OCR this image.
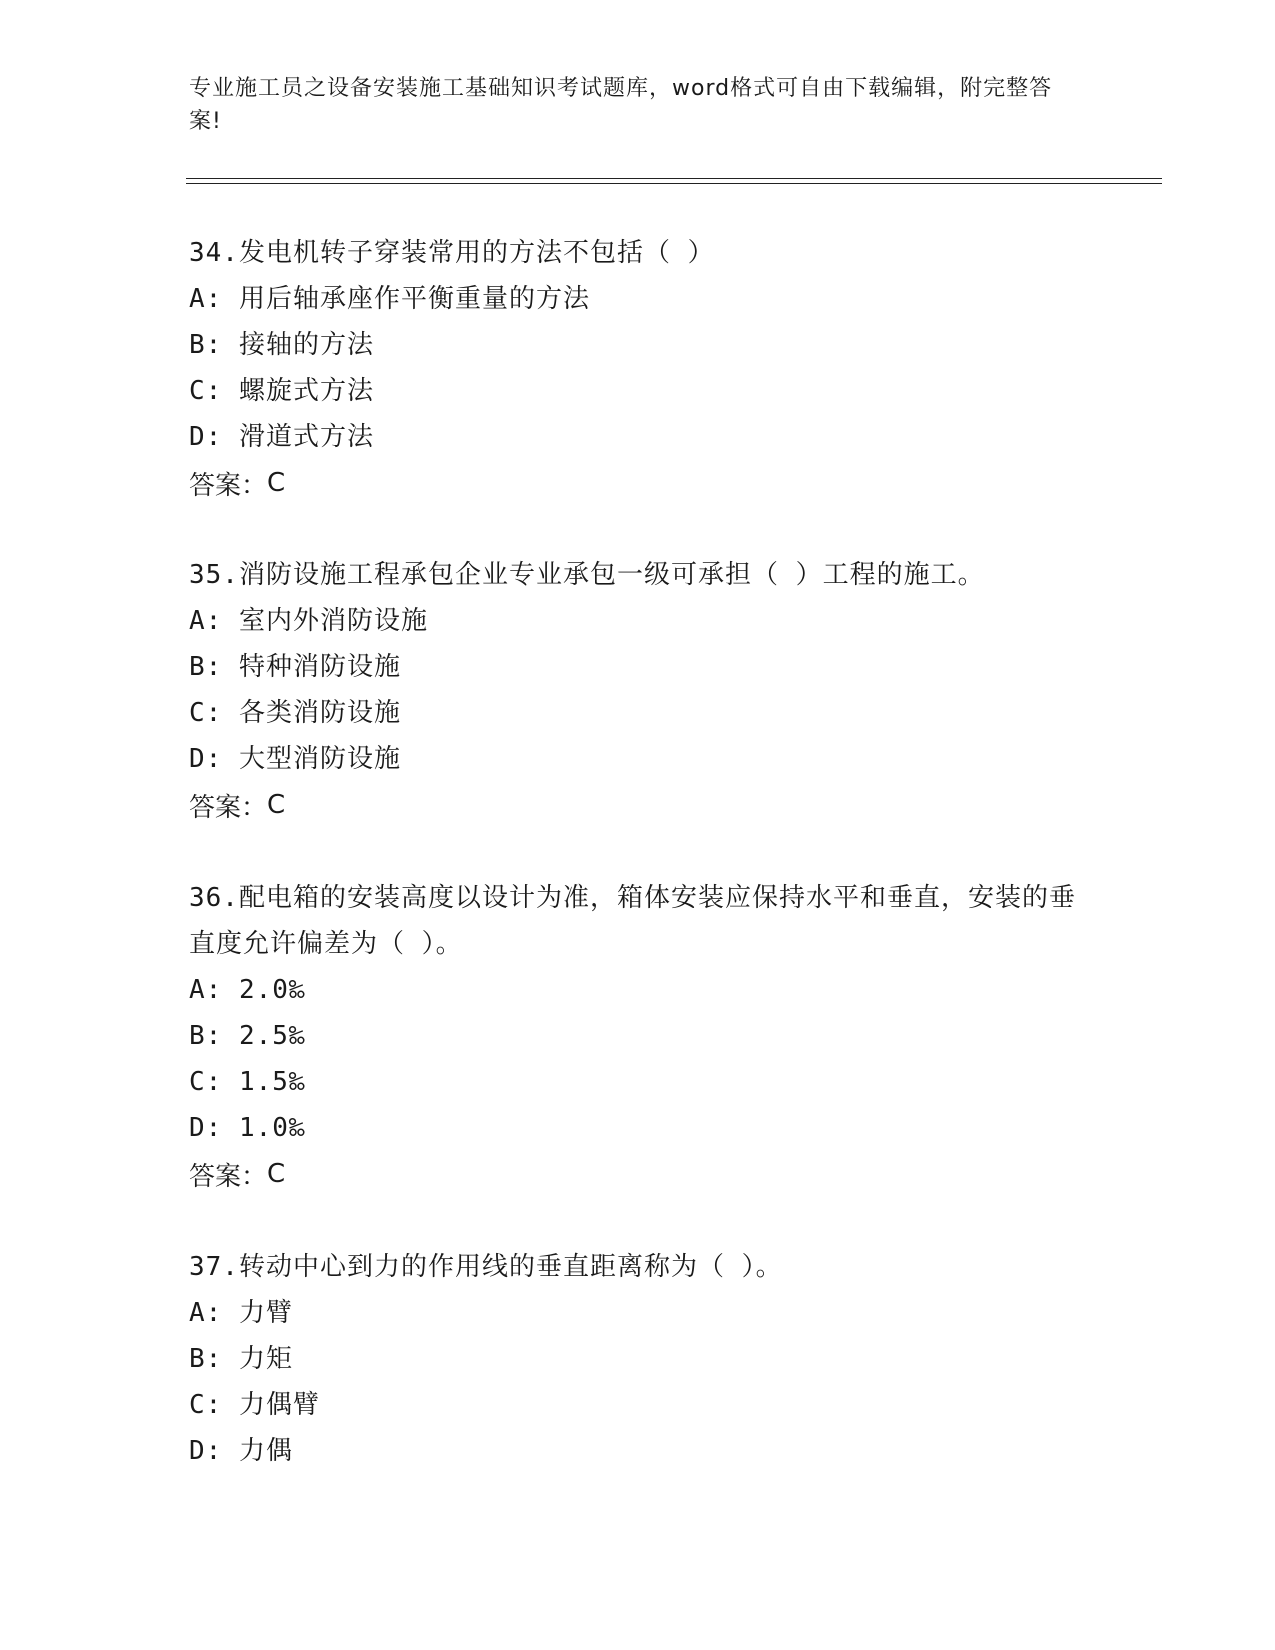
专业施工员之设备安装施工基础知识考试题库，word格式可自由下载编辑，附完整答案!
34.发电机转子穿装常用的方法不包括（ ）
A: 用后轴承座作平衡重量的方法
B: 接轴的方法
C: 螺旋式方法
D: 滑道式方法
答案： C
35.消防设施工程承包企业专业承包一级可承担（ ）工程的施工。
A: 室内外消防设施
B: 特种消防设施
C: 各类消防设施
D: 大型消防设施
答案： C
36.配电箱的安装高度以设计为准，箱体安装应保持水平和垂直，安装的垂直度允许偏差为（ ）。
A: 2.0‰
B: 2.5‰
C: 1.5‰
D: 1.0‰
答案： C
37.转动中心到力的作用线的垂直距离称为（ ）。
A: 力臂
B: 力矩
C: 力偶臂
D: 力偶
